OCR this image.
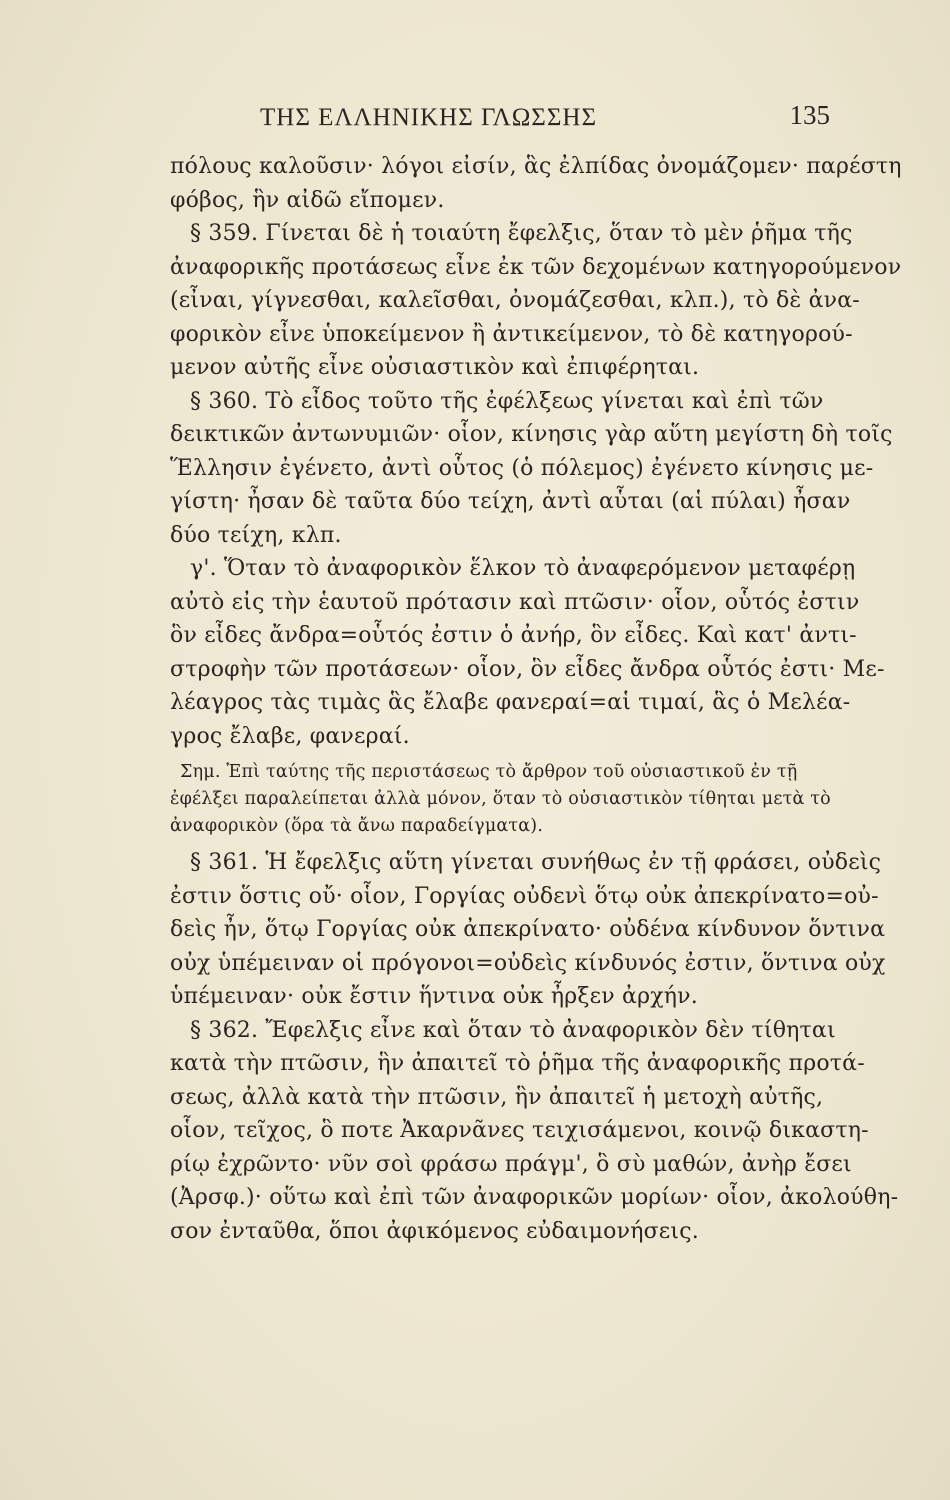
ΤΗΣ ΕΛΛΗΝΙΚΗΣ ΓΛΩΣΣΗΣ	135
πόλους καλοῦσιν· λόγοι εἰσίν, ἃς ἐλπίδας ὀνομάζομεν· παρέστη
φόβος, ἣν αἰδῶ εἴπομεν.
§ 359. Γίνεται δὲ ἡ τοιαύτη ἔφελξις, ὅταν τὸ μὲν ῥῆμα τῆς
ἀναφορικῆς προτάσεως εἶνε ἐκ τῶν δεχομένων κατηγορούμενον
(εἶναι, γίγνεσθαι, καλεῖσθαι, ὀνομάζεσθαι, κλπ.), τὸ δὲ ἀνα-
φορικὸν εἶνε ὑποκείμενον ἢ ἀντικείμενον, τὸ δὲ κατηγορού-
μενον αὐτῆς εἶνε οὐσιαστικὸν καὶ ἐπιφέρηται.
§ 360. Τὸ εἶδος τοῦτο τῆς ἐφέλξεως γίνεται καὶ ἐπὶ τῶν
δεικτικῶν ἀντωνυμιῶν· οἷον, κίνησις γὰρ αὕτη μεγίστη δὴ τοῖς
Ἕλλησιν ἐγένετο, ἀντὶ οὗτος (ὁ πόλεμος) ἐγένετο κίνησις με-
γίστη· ἦσαν δὲ ταῦτα δύο τείχη, ἀντὶ αὗται (αἱ πύλαι) ἦσαν
δύο τείχη, κλπ.
γ'. Ὅταν τὸ ἀναφορικὸν ἕλκον τὸ ἀναφερόμενον μεταφέρῃ
αὐτὸ εἰς τὴν ἑαυτοῦ πρότασιν καὶ πτῶσιν· οἷον, οὗτός ἐστιν
ὃν εἶδες ἄνδρα=οὗτός ἐστιν ὁ ἀνήρ, ὃν εἶδες. Καὶ κατ' ἀντι-
στροφὴν τῶν προτάσεων· οἷον, ὃν εἶδες ἄνδρα οὗτός ἐστι· Με-
λέαγρος τὰς τιμὰς ἃς ἔλαβε φανεραί=αἱ τιμαί, ἃς ὁ Μελέα-
γρος ἔλαβε, φανεραί.
Σημ. Ἐπὶ ταύτης τῆς περιστάσεως τὸ ἄρθρον τοῦ οὐσιαστικοῦ ἐν τῇ
ἐφέλξει παραλείπεται ἀλλὰ μόνον, ὅταν τὸ οὐσιαστικὸν τίθηται μετὰ τὸ
ἀναφορικὸν (ὅρα τὰ ἄνω παραδείγματα).
§ 361. Ἡ ἔφελξις αὕτη γίνεται συνήθως ἐν τῇ φράσει, οὐδεὶς
ἐστιν ὅστις οὔ· οἷον, Γοργίας οὐδενὶ ὅτῳ οὐκ ἀπεκρίνατο=οὐ-
δεὶς ἦν, ὅτῳ Γοργίας οὐκ ἀπεκρίνατο· οὐδένα κίνδυνον ὅντινα
οὐχ ὑπέμειναν οἱ πρόγονοι=οὐδεὶς κίνδυνός ἐστιν, ὅντινα οὐχ
ὑπέμειναν· οὐκ ἔστιν ἥντινα οὐκ ἦρξεν ἀρχήν.
§ 362. Ἔφελξις εἶνε καὶ ὅταν τὸ ἀναφορικὸν δὲν τίθηται
κατὰ τὴν πτῶσιν, ἣν ἀπαιτεῖ τὸ ῥῆμα τῆς ἀναφορικῆς προτά-
σεως, ἀλλὰ κατὰ τὴν πτῶσιν, ἣν ἀπαιτεῖ ἡ μετοχὴ αὐτῆς,
οἷον, τεῖχος, ὃ ποτε Ἀκαρνᾶνες τειχισάμενοι, κοινῷ δικαστη-
ρίῳ ἐχρῶντο· νῦν σοὶ φράσω πράγμ', ὃ σὺ μαθών, ἀνὴρ ἔσει
(Ἀρσφ.)· οὕτω καὶ ἐπὶ τῶν ἀναφορικῶν μορίων· οἷον, ἀκολούθη-
σον ἐνταῦθα, ὅποι ἀφικόμενος εὐδαιμονήσεις.
